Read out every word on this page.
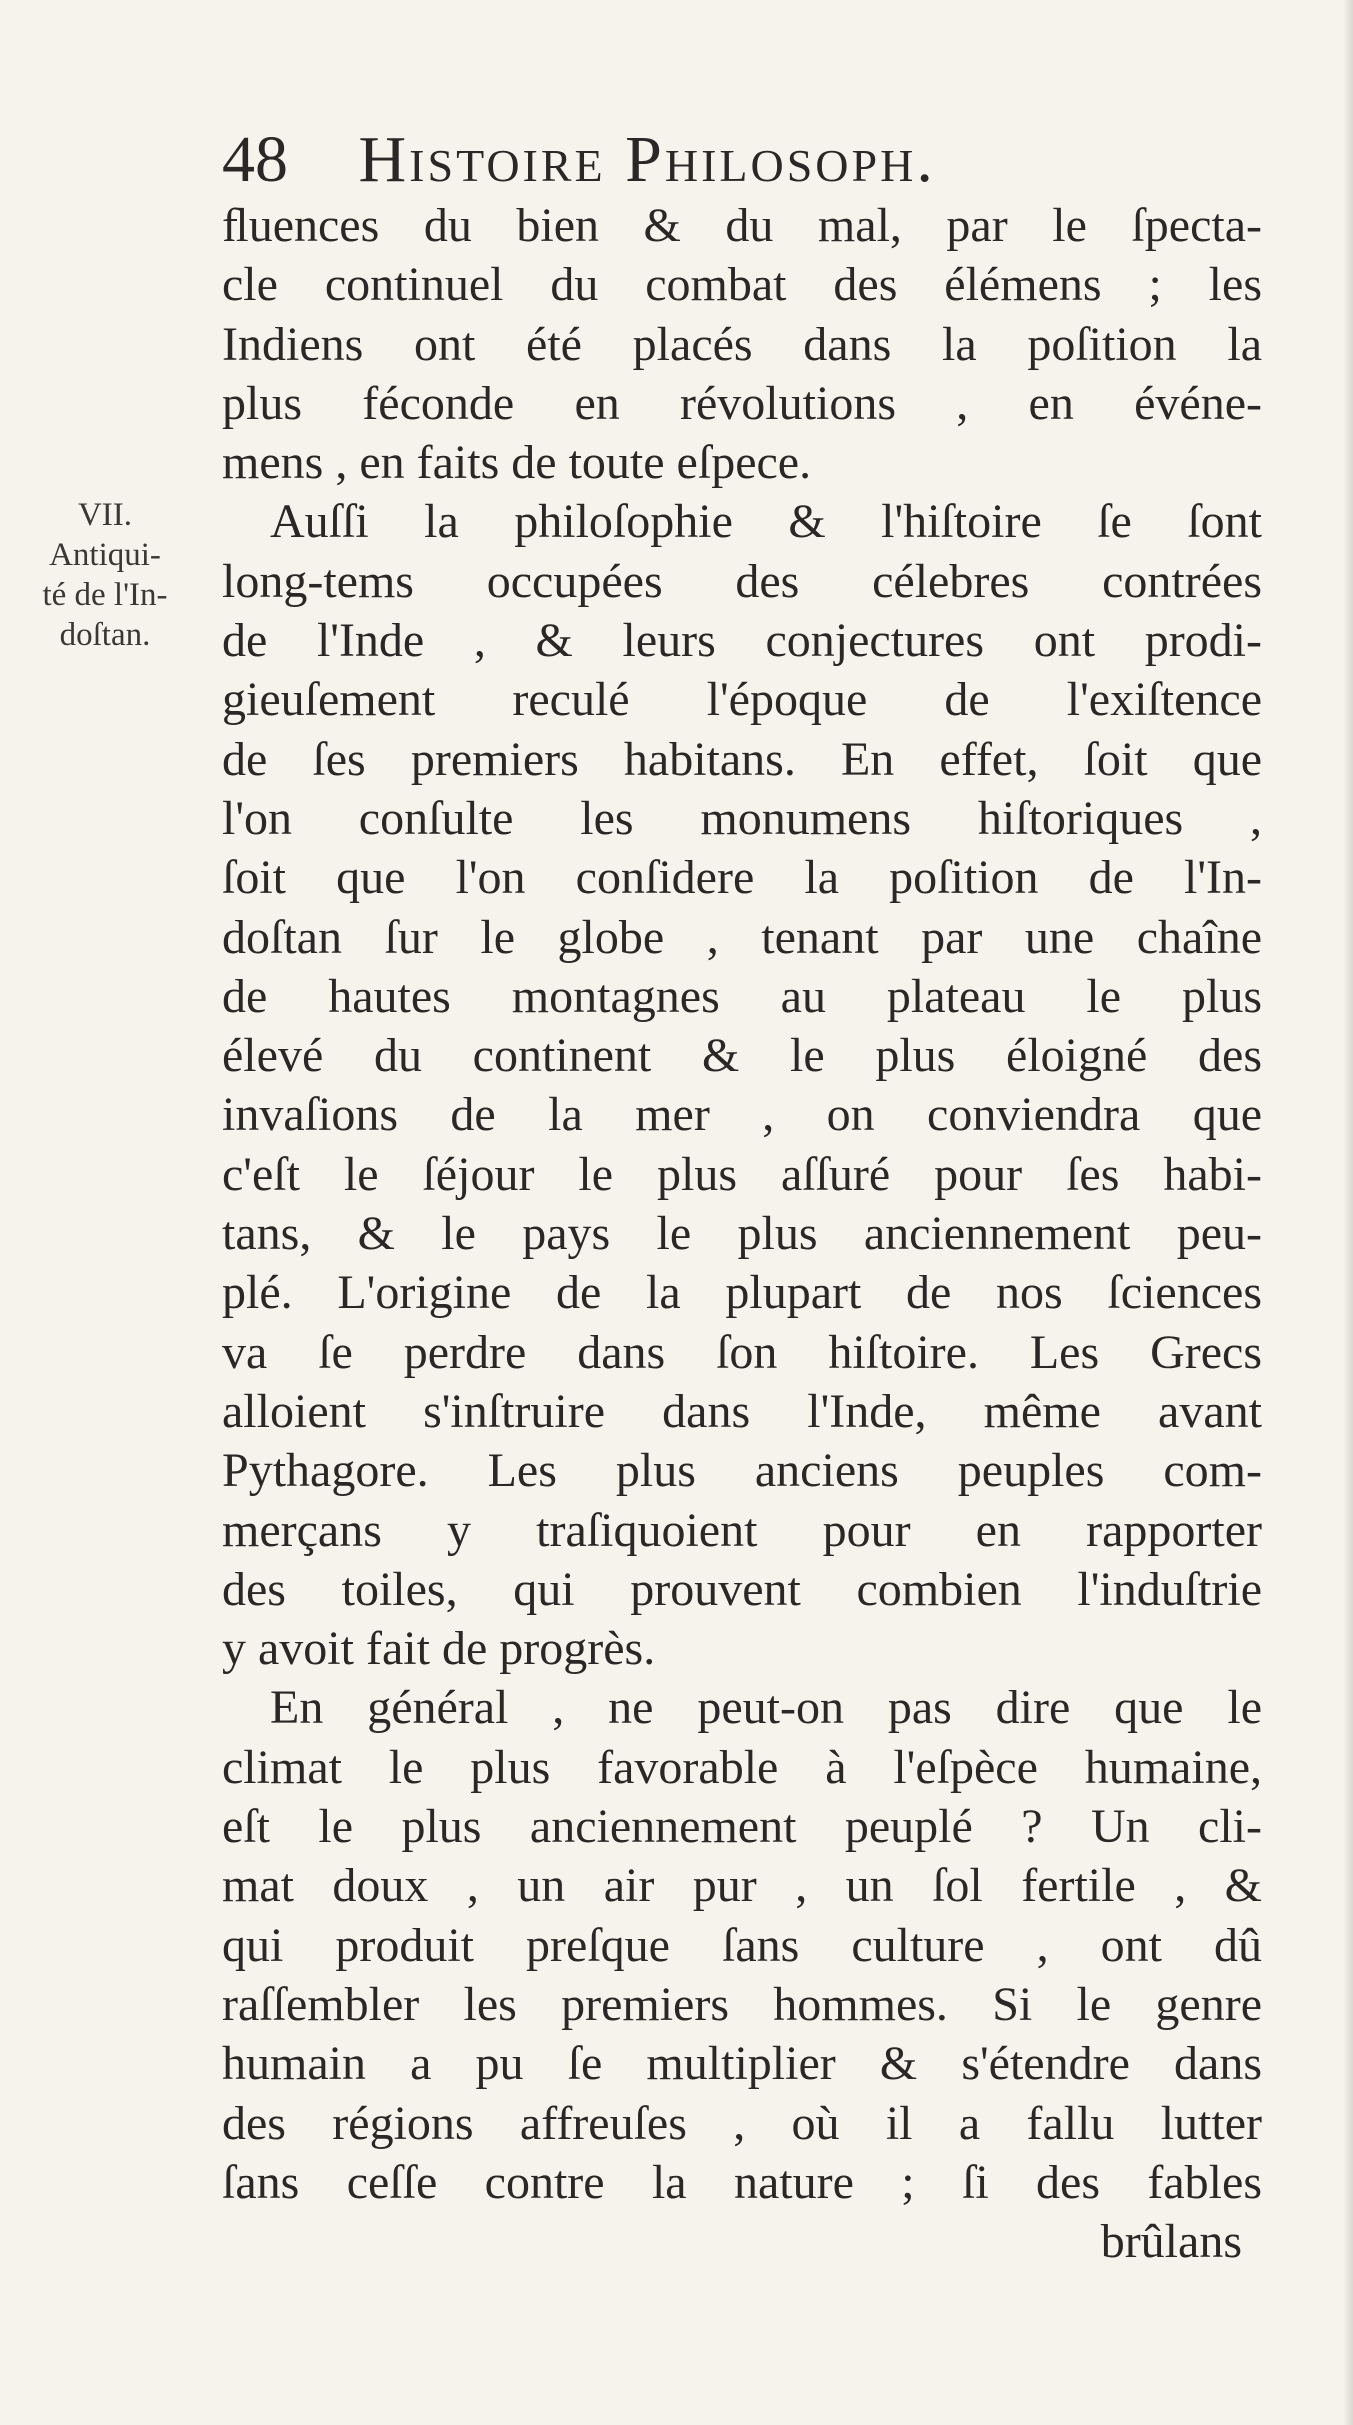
48 Histoire Philosoph.
VII.
Antiqui-
té de l'In-
doſtan.
ﬂuences du bien & du mal, par le ſpecta-
cle continuel du combat des élémens ; les
Indiens ont été placés dans la poſition la
plus féconde en révolutions , en événe-
mens , en faits de toute eſpece.
Auſſi la philoſophie & l'hiſtoire ſe ſont
long-tems occupées des célebres contrées
de l'Inde , & leurs conjectures ont prodi-
gieuſement reculé l'époque de l'exiſtence
de ſes premiers habitans. En effet, ſoit que
l'on conſulte les monumens hiſtoriques ,
ſoit que l'on conſidere la poſition de l'In-
doſtan ſur le globe , tenant par une chaîne
de hautes montagnes au plateau le plus
élevé du continent & le plus éloigné des
invaſions de la mer , on conviendra que
c'eſt le ſéjour le plus aſſuré pour ſes habi-
tans, & le pays le plus anciennement peu-
plé. L'origine de la plupart de nos ſciences
va ſe perdre dans ſon hiſtoire. Les Grecs
alloient s'inſtruire dans l'Inde, même avant
Pythagore. Les plus anciens peuples com-
merçans y traſiquoient pour en rapporter
des toiles, qui prouvent combien l'induſtrie
y avoit fait de progrès.
En général , ne peut-on pas dire que le
climat le plus favorable à l'eſpèce humaine,
eſt le plus anciennement peuplé ? Un cli-
mat doux , un air pur , un ſol fertile , &
qui produit preſque ſans culture , ont dû
raſſembler les premiers hommes. Si le genre
humain a pu ſe multiplier & s'étendre dans
des régions affreuſes , où il a fallu lutter
ſans ceſſe contre la nature ; ſi des fables
brûlans
